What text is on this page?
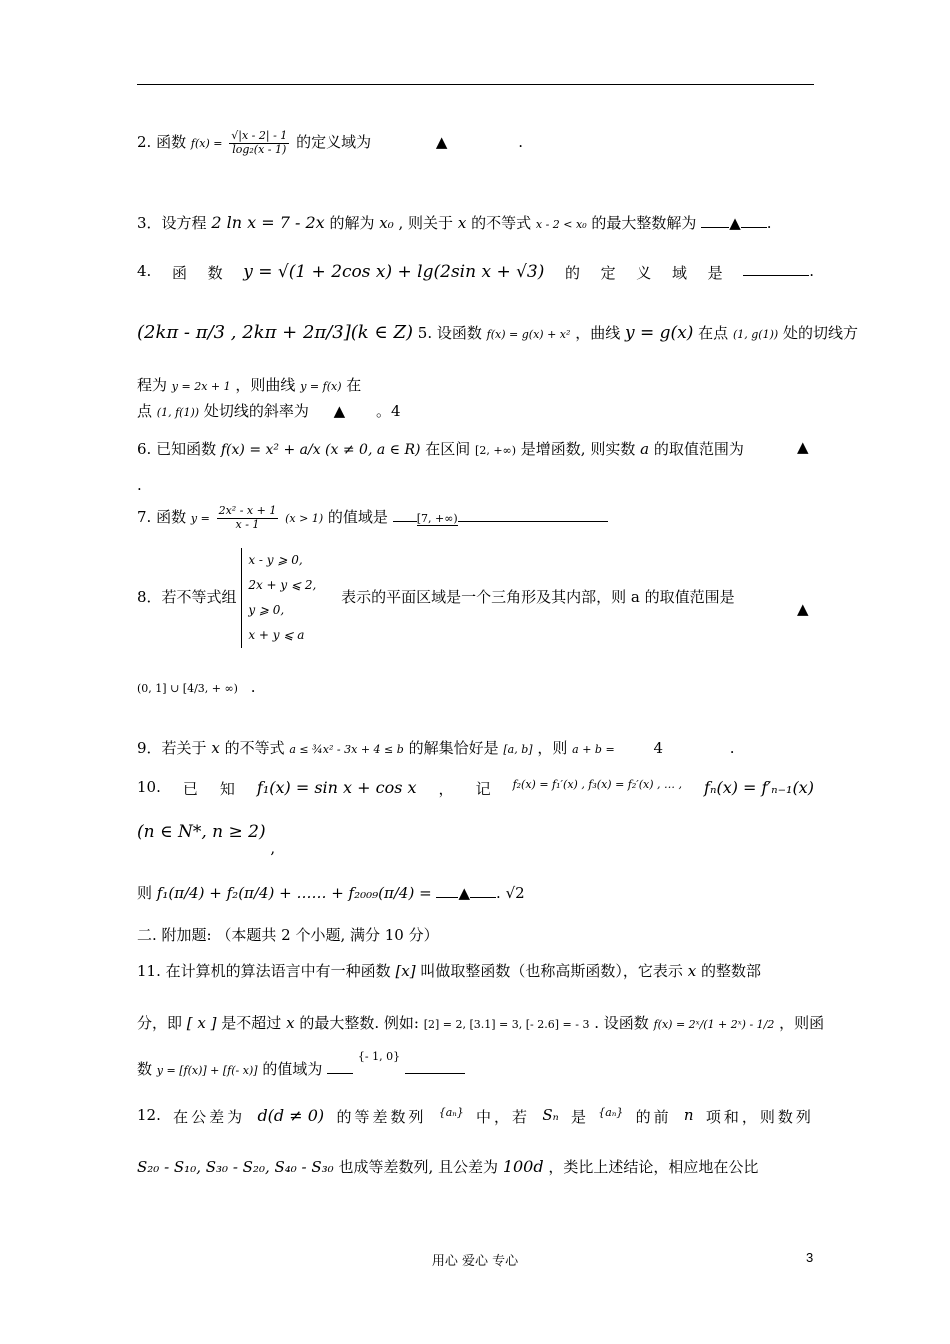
2. 函数 $f(x) = \frac{√|x - 2| - 1}{\text{log₂(x - 1)}}$ 的定义域为	▲	.
3．设方程 2 ln x = 7 - 2x 的解为 x₀ , 则关于 x 的不等式 x - 2 < x₀ 的最大整数解为 ▲ .
4. 函 数 y = √(1 + 2cos x) + lg(2sin x + √3) 的 定 义 域 是	.
(2kπ - π/3 , 2kπ + 2π/3](k ∈ Z) 5. 设函数 f(x) = g(x) + x² ，曲线 y = g(x) 在点 (1, g(1)) 处的切线方
程为 y = 2x + 1 ，则曲线 y = f(x) 在
点 (1, f(1)) 处切线的斜率为 ▲ 。4
6. 已知函数 f(x) = x² + a/x (x ≠ 0, a ∈ R) 在区间 [2, +∞) 是增函数, 则实数 a 的取值范围为	▲
.
7. 函数 $y = \frac{\text{2x² - x + 1}}{x - 1} (x > 1)$ 的值域是	[7, +∞)
8．若不等式组
x - y ⩾ 0,
2x + y ⩽ 2,
y ⩾ 0,
x + y ⩽ a
表示的平面区域是一个三角形及其内部，则 a 的取值范围是
▲
(0, 1] ∪ [4/3, + ∞) .
9．若关于 x 的不等式 a ≤ ¾x² - 3x + 4 ≤ b 的解集恰好是 [a, b] ，则 a + b =	4	.
10. 已 知 f₁(x) = sin x + cos x ， 记 f₂(x) = f₁′(x) , f₃(x) = f₂′(x) , … , fₙ(x) = f′ₙ₋₁(x)
(n ∈ N*, n ≥ 2) ,
则 f₁(π/4) + f₂(π/4) + …… + f₂₀₀₉(π/4) = ▲ . √2
二. 附加题: （本题共 2 个小题, 满分 10 分）
11. 在计算机的算法语言中有一种函数 [x] 叫做取整函数（也称高斯函数），它表示 x 的整数部
分，即 [ x ] 是不超过 x 的最大整数. 例如: [2] = 2, [3.1] = 3, [- 2.6] = - 3 . 设函数 f(x) = 2ˣ/(1 + 2ˣ) - 1/2 ，则函
数 y = [f(x)] + [f(- x)] 的值域为  $^{\{- 1, 0\}}$
12. 在公差为 d(d ≠ 0) 的等差数列 {aₙ} 中，若 Sₙ 是 {aₙ} 的前 n 项和，则数列
S₂₀ - S₁₀, S₃₀ - S₂₀, S₄₀ - S₃₀ 也成等差数列, 且公差为 100d ，类比上述结论，相应地在公比
用心 爱心 专心	3
